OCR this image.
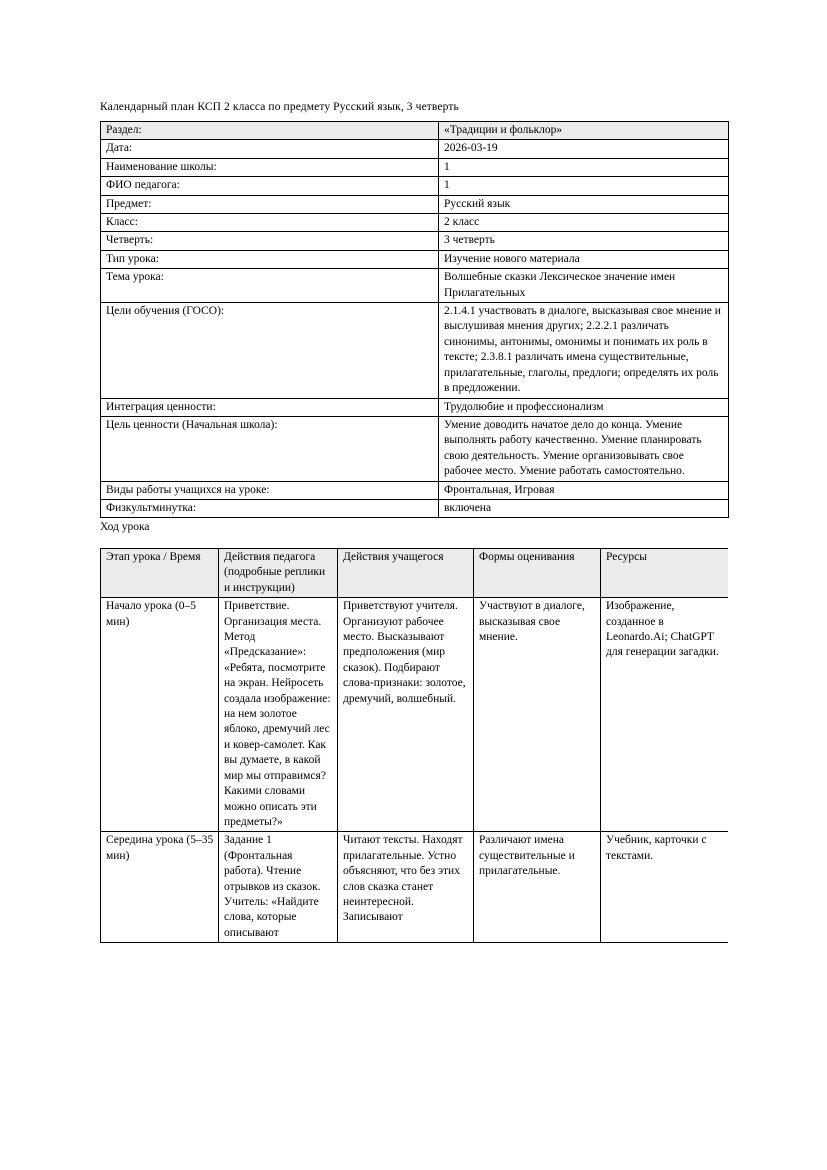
Календарный план КСП 2 класса по предмету Русский язык, 3 четверть
Раздел:	«Традиции и фольклор»
Дата:	2026-03-19
Наименование школы:	1
ФИО педагога:	1
Предмет:	Русский язык
Класс:	2 класс
Четверть:	3 четверть
Тип урока:	Изучение нового материала
Тема урока:	Волшебные сказки Лексическое значение имен Прилагательных
Цели обучения (ГОСО):	2.1.4.1 участвовать в диалоге, высказывая свое мнение и выслушивая мнения других; 2.2.2.1 различать синонимы, антонимы, омонимы и понимать их роль в тексте; 2.3.8.1 различать имена существительные, прилагательные, глаголы, предлоги; определять их роль в предложении.
Интеграция ценности:	Трудолюбие и профессионализм
Цель ценности (Начальная школа):	Умение доводить начатое дело до конца. Умение выполнять работу качественно. Умение планировать свою деятельность. Умение организовывать свое рабочее место. Умение работать самостоятельно.
Виды работы учащихся на уроке:	Фронтальная, Игровая
Физкультминутка:	включена
Ход урока
Этап урока / Время	Действия педагога (подробные реплики и инструкции)	Действия учащегося	Формы оценивания	Ресурсы
Начало урока (0–5 мин)	Приветствие. Организация места. Метод «Предсказание»: «Ребята, посмотрите на экран. Нейросеть создала изображение: на нем золотое яблоко, дремучий лес и ковер-самолет. Как вы думаете, в какой мир мы отправимся? Какими словами можно описать эти предметы?»	Приветствуют учителя. Организуют рабочее место. Высказывают предположения (мир сказок). Подбирают слова-признаки: золотое, дремучий, волшебный.	Участвуют в диалоге, высказывая свое мнение.	Изображение, созданное в Leonardo.Ai; ChatGPT для генерации загадки.
Середина урока (5–35 мин)	Задание 1 (Фронтальная работа). Чтение отрывков из сказок. Учитель: «Найдите слова, которые описывают	Читают тексты. Находят прилагательные. Устно объясняют, что без этих слов сказка станет неинтересной. Записывают	Различают имена существительные и прилагательные.	Учебник, карточки с текстами.
